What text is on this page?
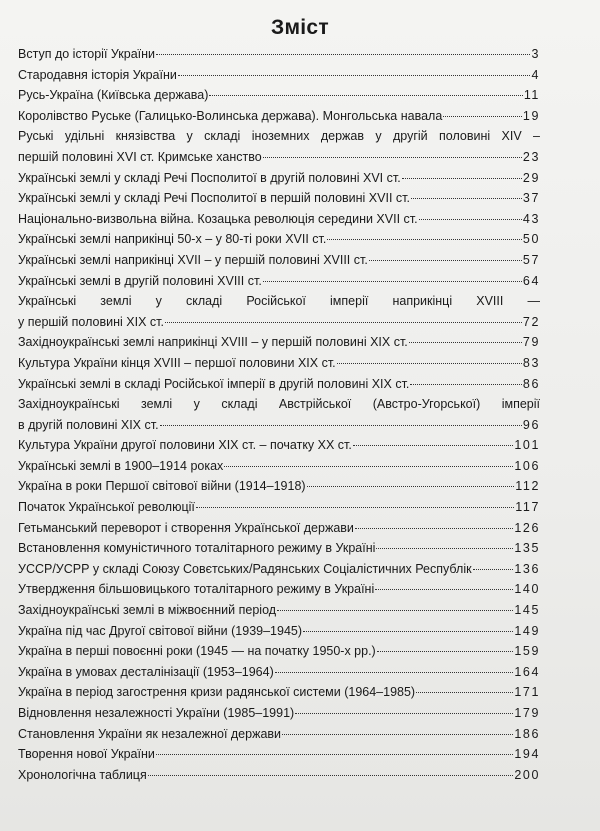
Зміст
Вступ до історії України	3
Стародавня історія України	4
Русь-Україна (Київська держава)	11
Королівство Руське (Галицько-Волинська держава). Монгольська навала	19
Руські удільні князівства у складі іноземних держав у другій половині XIV –
першій половині XVI ст. Кримське ханство	23
Українські землі у складі Речі Посполитої в другій половині XVI ст.	29
Українські землі у складі Речі Посполитої в першій половині XVII ст.	37
Національно-визвольна війна. Козацька революція середини XVII ст.	43
Українські землі наприкінці 50-х – у 80-ті роки XVII ст.	50
Українські землі наприкінці XVII – у першій половині XVIII ст.	57
Українські землі в другій половині XVIII ст.	64
Українські землі у складі Російської імперії наприкінці XVIII —
у першій половині XIX ст.	72
Західноукраїнські землі наприкінці XVIII – у першій половині XIX ст.	79
Культура України кінця XVIII – першої половини XIX ст.	83
Українські землі в складі Російської імперії в другій половині XIX ст.	86
Західноукраїнські землі у складі Австрійської (Австро-Угорської) імперії
в другій половині XIX ст.	96
Культура України другої половини XIX ст. – початку XX ст.	101
Українські землі в 1900–1914 роках	106
Україна в роки Першої світової війни (1914–1918)	112
Початок Української революції	117
Гетьманський переворот і створення Української держави	126
Встановлення комуністичного тоталітарного режиму в Україні	135
УССР/УСРР у складі Союзу Совєтських/Радянських Соціалістичних Республік	136
Утвердження більшовицького тоталітарного режиму в Україні	140
Західноукраїнські землі в міжвоєнний період	145
Україна під час Другої світової війни (1939–1945)	149
Україна в перші повоєнні роки (1945 — на початку 1950-х рр.)	159
Україна в умовах десталінізації (1953–1964)	164
Україна в період загострення кризи радянської системи (1964–1985)	171
Відновлення незалежності України (1985–1991)	179
Становлення України як незалежної держави	186
Творення нової України	194
Хронологічна таблиця	200
